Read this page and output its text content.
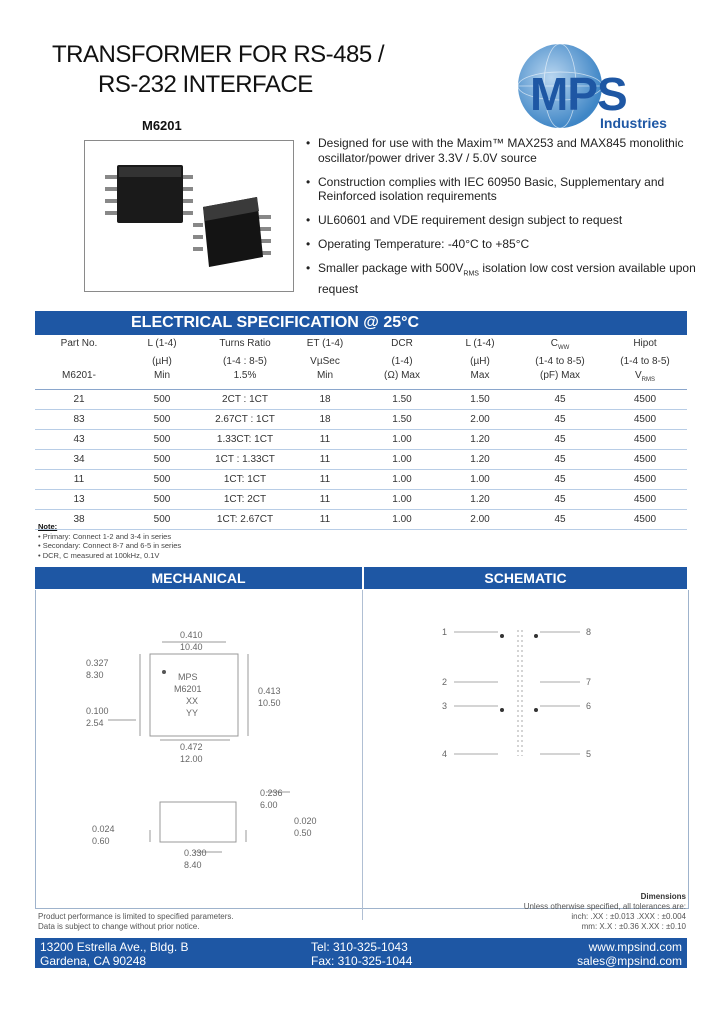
TRANSFORMER FOR RS-485 /
RS-232 INTERFACE	MPS
Industries
M6201
• Designed for use with the Maxim™ MAX253 and MAX845 monolithic oscillator/power driver 3.3V / 5.0V source
• Construction complies with IEC 60950 Basic, Supplementary and Reinforced isolation requirements
• UL60601 and VDE requirement design subject to request
• Operating Temperature: -40°C to +85°C
• Smaller package with $500V_{RMS}$ isolation low cost version available upon request
ELECTRICAL SPECIFICATION @ 25°C
Part No.	L (1-4)	Turns Ratio	ET (1-4)	DCR	L (1-4)	$C_{WW}$	Hipot
	(µH)	(1-4 : 8-5)	VµSec	(1-4)	(µH)	(1-4 to 8-5)	(1-4 to 8-5)
M6201-	Min	1.5%	Min	(Ω) Max	Max	(pF) Max	$V_{RMS}$
21	500	2CT : 1CT	18	1.50	1.50	45	4500
83	500	2.67CT : 1CT	18	1.50	2.00	45	4500
43	500	1.33CT: 1CT	11	1.00	1.20	45	4500
34	500	1CT : 1.33CT	11	1.00	1.20	45	4500
11	500	1CT: 1CT	11	1.00	1.00	45	4500
13	500	1CT: 2CT	11	1.00	1.20	45	4500
38	500	1CT: 2.67CT	11	1.00	2.00	45	4500
Note:
• Primary: Connect 1-2 and 3-4 in series
• Secondary: Connect 8-7 and 6-5 in series
• DCR, C measured at 100kHz, 0.1V
MECHANICAL	SCHEMATIC
0.410
10.40
0.327
8.30	MPS
M6201
XX
YY
0.413
10.50
0.100
2.54
0.472
12.00
0.236
6.00
0.020
0.50
0.024
0.60
0.330
8.40
1
2
3
4
8
7
6
5
Dimensions
Unless otherwise specified, all tolerances are:
inch: .XX : ±0.013 .XXX : ±0.004
mm: X.X : ±0.36 X.XX : ±0.10
Product performance is limited to specified parameters.
Data is subject to change without prior notice.
13200 Estrella Ave., Bldg. B
Gardena, CA 90248
Tel: 310-325-1043
Fax: 310-325-1044
www.mpsind.com
sales@mpsind.com
